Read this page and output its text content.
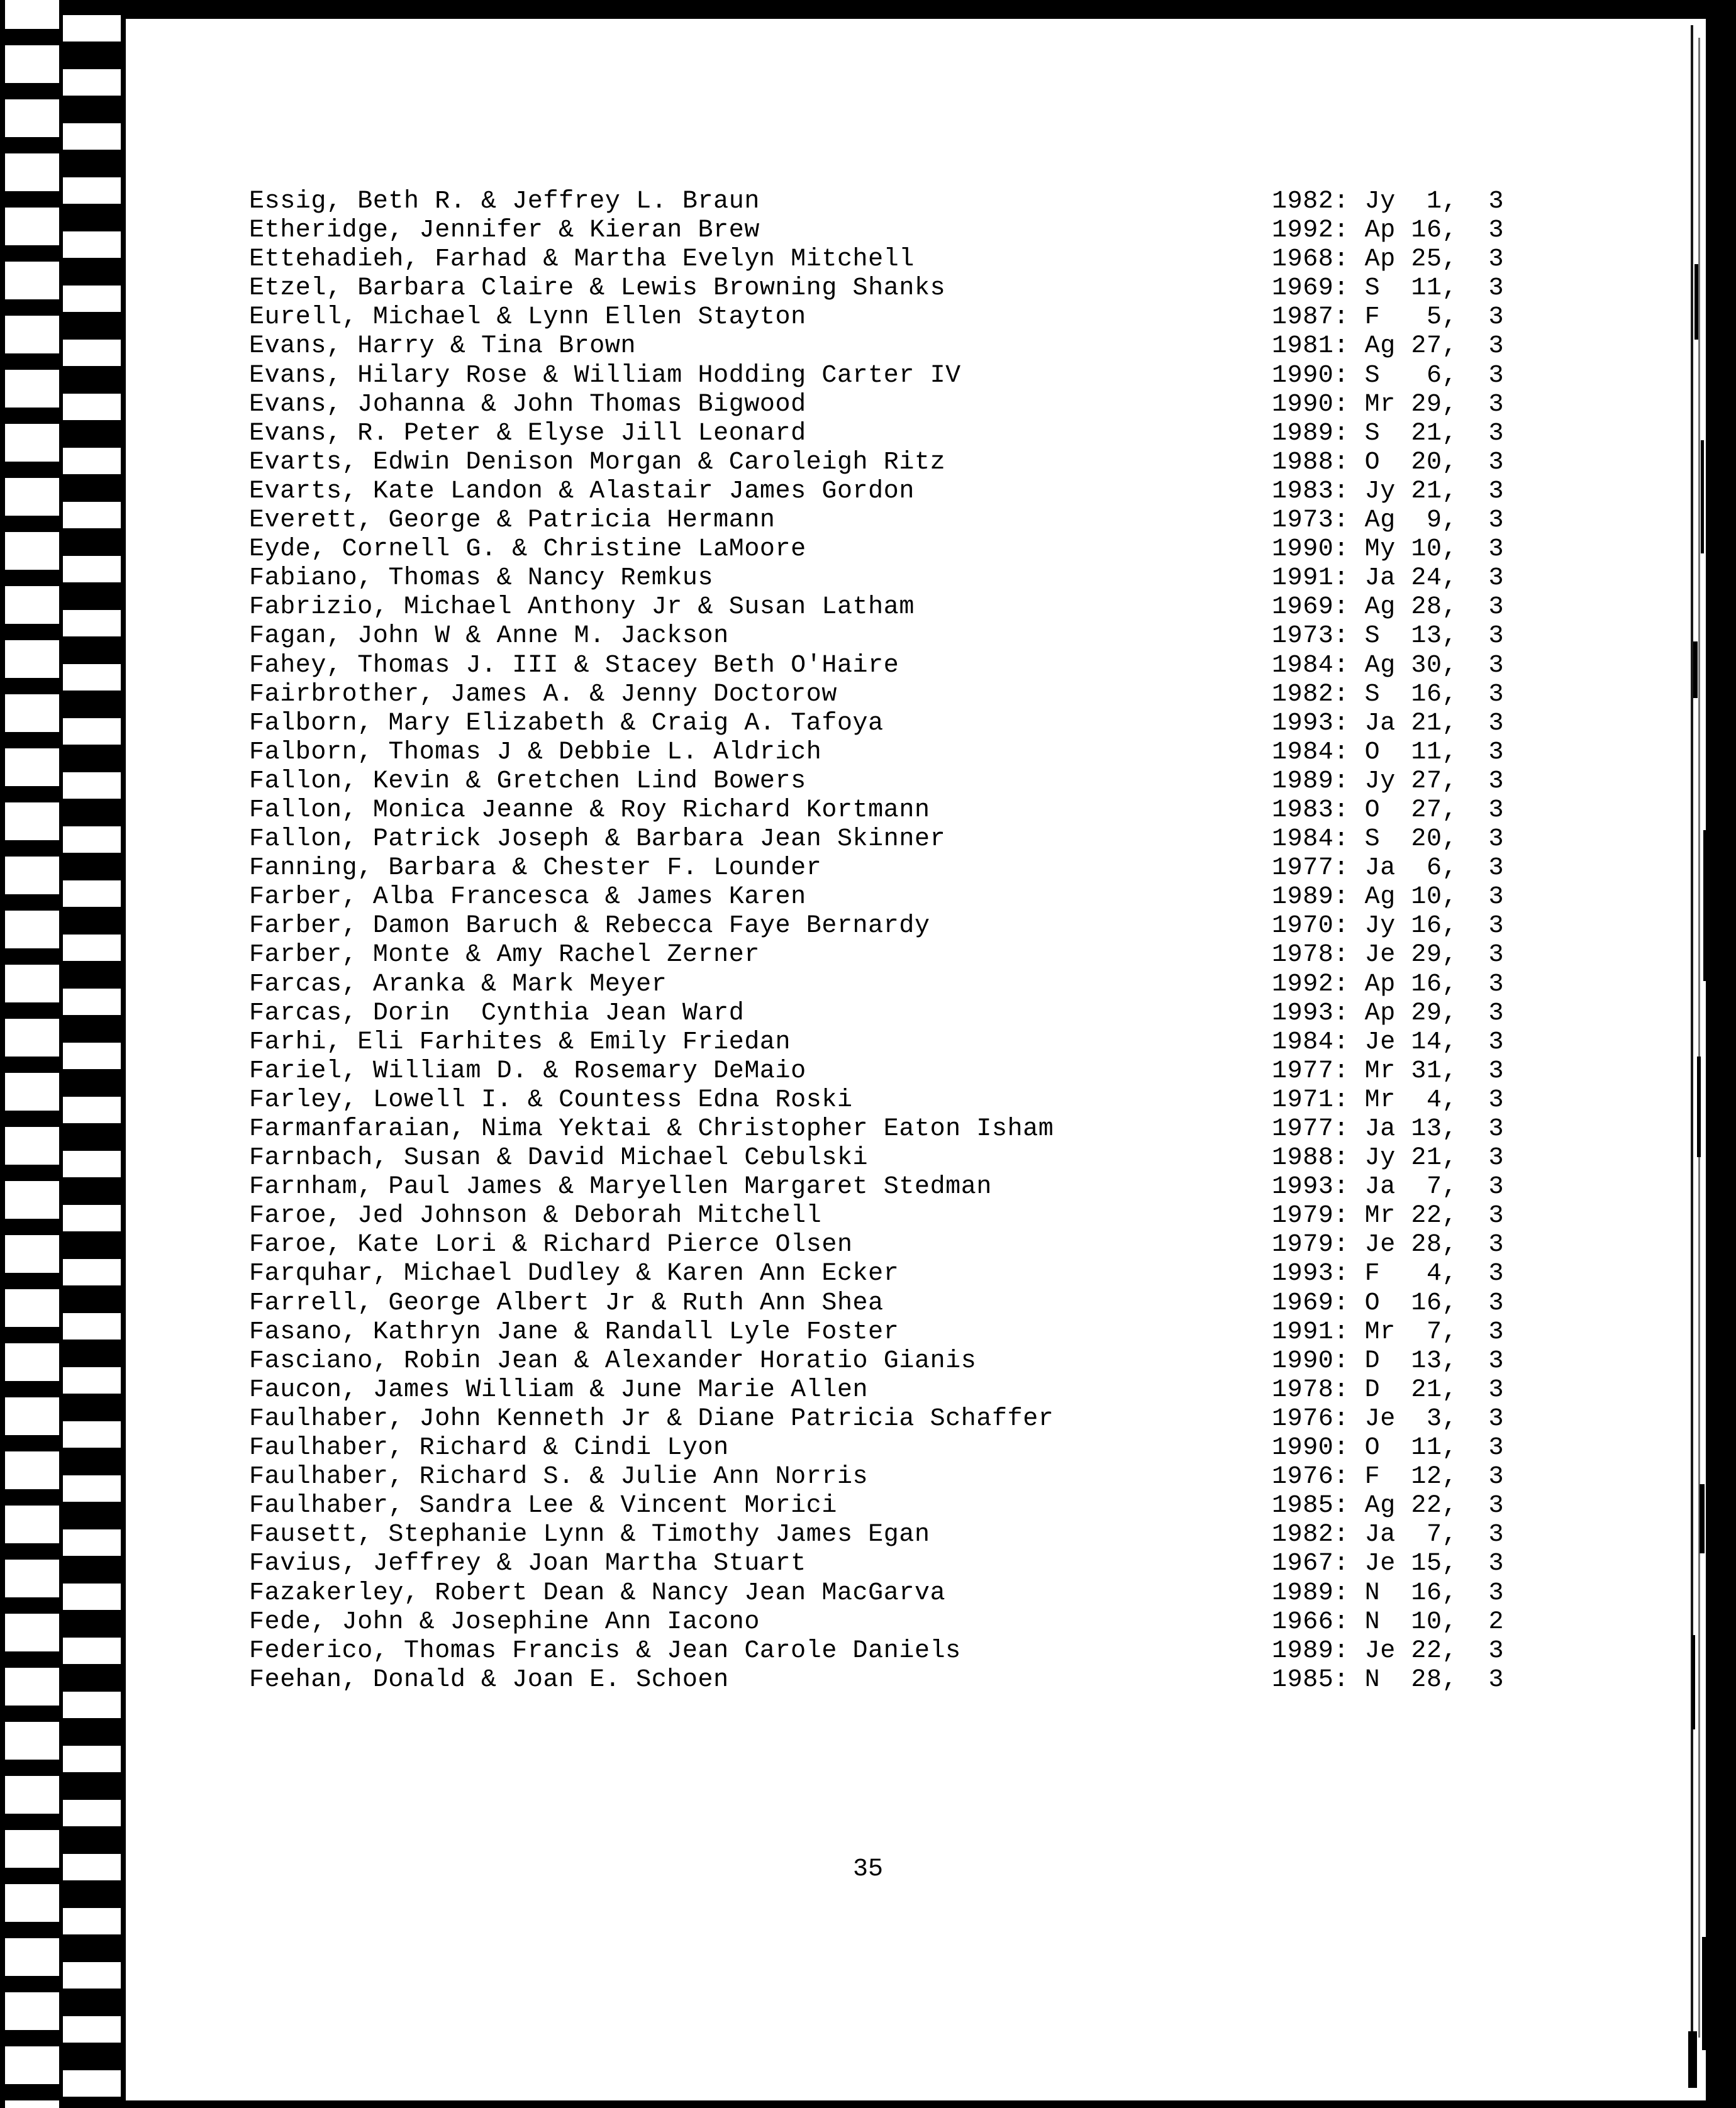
Essig, Beth R. & Jeffrey L. Braun	1982: Jy  1,  3
Etheridge, Jennifer & Kieran Brew	1992: Ap 16,  3
Ettehadieh, Farhad & Martha Evelyn Mitchell	1968: Ap 25,  3
Etzel, Barbara Claire & Lewis Browning Shanks	1969: S  11,  3
Eurell, Michael & Lynn Ellen Stayton	1987: F   5,  3
Evans, Harry & Tina Brown	1981: Ag 27,  3
Evans, Hilary Rose & William Hodding Carter IV	1990: S   6,  3
Evans, Johanna & John Thomas Bigwood	1990: Mr 29,  3
Evans, R. Peter & Elyse Jill Leonard	1989: S  21,  3
Evarts, Edwin Denison Morgan & Caroleigh Ritz	1988: O  20,  3
Evarts, Kate Landon & Alastair James Gordon	1983: Jy 21,  3
Everett, George & Patricia Hermann	1973: Ag  9,  3
Eyde, Cornell G. & Christine LaMoore	1990: My 10,  3
Fabiano, Thomas & Nancy Remkus	1991: Ja 24,  3
Fabrizio, Michael Anthony Jr & Susan Latham	1969: Ag 28,  3
Fagan, John W & Anne M. Jackson	1973: S  13,  3
Fahey, Thomas J. III & Stacey Beth O'Haire	1984: Ag 30,  3
Fairbrother, James A. & Jenny Doctorow	1982: S  16,  3
Falborn, Mary Elizabeth & Craig A. Tafoya	1993: Ja 21,  3
Falborn, Thomas J & Debbie L. Aldrich	1984: O  11,  3
Fallon, Kevin & Gretchen Lind Bowers	1989: Jy 27,  3
Fallon, Monica Jeanne & Roy Richard Kortmann	1983: O  27,  3
Fallon, Patrick Joseph & Barbara Jean Skinner	1984: S  20,  3
Fanning, Barbara & Chester F. Lounder	1977: Ja  6,  3
Farber, Alba Francesca & James Karen	1989: Ag 10,  3
Farber, Damon Baruch & Rebecca Faye Bernardy	1970: Jy 16,  3
Farber, Monte & Amy Rachel Zerner	1978: Je 29,  3
Farcas, Aranka & Mark Meyer	1992: Ap 16,  3
Farcas, Dorin  Cynthia Jean Ward	1993: Ap 29,  3
Farhi, Eli Farhites & Emily Friedan	1984: Je 14,  3
Fariel, William D. & Rosemary DeMaio	1977: Mr 31,  3
Farley, Lowell I. & Countess Edna Roski	1971: Mr  4,  3
Farmanfaraian, Nima Yektai & Christopher Eaton Isham	1977: Ja 13,  3
Farnbach, Susan & David Michael Cebulski	1988: Jy 21,  3
Farnham, Paul James & Maryellen Margaret Stedman	1993: Ja  7,  3
Faroe, Jed Johnson & Deborah Mitchell	1979: Mr 22,  3
Faroe, Kate Lori & Richard Pierce Olsen	1979: Je 28,  3
Farquhar, Michael Dudley & Karen Ann Ecker	1993: F   4,  3
Farrell, George Albert Jr & Ruth Ann Shea	1969: O  16,  3
Fasano, Kathryn Jane & Randall Lyle Foster	1991: Mr  7,  3
Fasciano, Robin Jean & Alexander Horatio Gianis	1990: D  13,  3
Faucon, James William & June Marie Allen	1978: D  21,  3
Faulhaber, John Kenneth Jr & Diane Patricia Schaffer	1976: Je  3,  3
Faulhaber, Richard & Cindi Lyon	1990: O  11,  3
Faulhaber, Richard S. & Julie Ann Norris	1976: F  12,  3
Faulhaber, Sandra Lee & Vincent Morici	1985: Ag 22,  3
Fausett, Stephanie Lynn & Timothy James Egan	1982: Ja  7,  3
Favius, Jeffrey & Joan Martha Stuart	1967: Je 15,  3
Fazakerley, Robert Dean & Nancy Jean MacGarva	1989: N  16,  3
Fede, John & Josephine Ann Iacono	1966: N  10,  2
Federico, Thomas Francis & Jean Carole Daniels	1989: Je 22,  3
Feehan, Donald & Joan E. Schoen	1985: N  28,  3
35
